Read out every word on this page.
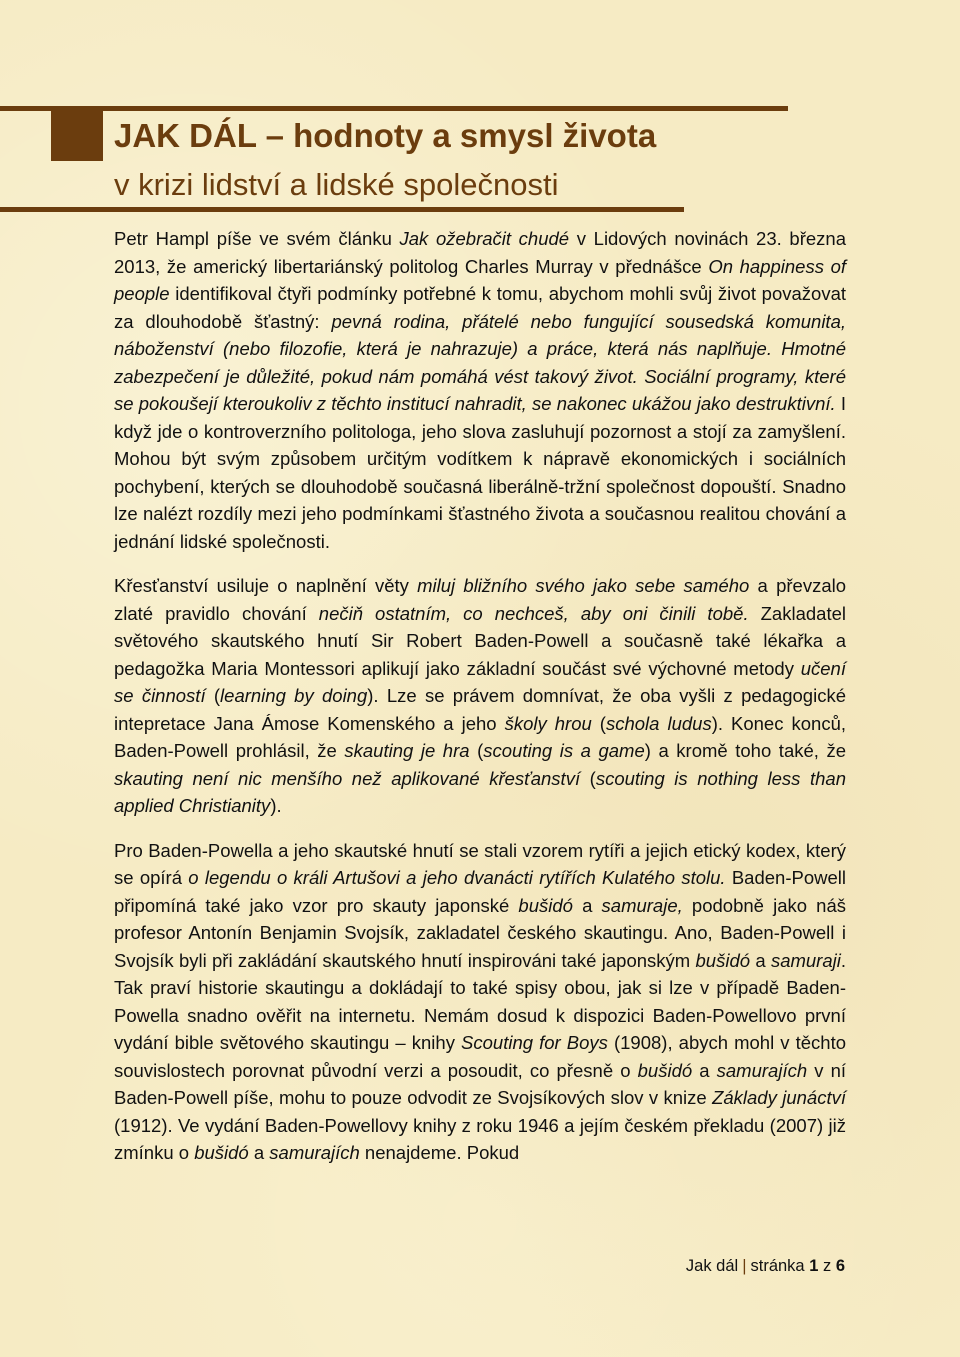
JAK DÁL – hodnoty a smysl života
v krizi lidství a lidské společnosti

Petr Hampl píše ve svém článku Jak ožebračit chudé v Lidových novinách 23. března 2013, že americký libertariánský politolog Charles Murray v přednášce On happiness of people identifikoval čtyři podmínky potřebné k tomu, abychom mohli svůj život považovat za dlouhodobě šťastný: pevná rodina, přátelé nebo fungující sousedská komunita, náboženství (nebo filozofie, která je nahrazuje) a práce, která nás naplňuje. Hmotné zabezpečení je důležité, pokud nám pomáhá vést takový život. Sociální programy, které se pokoušejí kteroukoliv z těchto institucí nahradit, se nakonec ukážou jako destruktivní. I když jde o kontroverzního politologa, jeho slova zasluhují pozornost a stojí za zamyšlení. Mohou být svým způsobem určitým vodítkem k nápravě ekonomických i sociálních pochybení, kterých se dlouhodobě současná liberálně-tržní společnost dopouští. Snadno lze nalézt rozdíly mezi jeho podmínkami šťastného života a současnou realitou chování a jednání lidské společnosti.

Křesťanství usiluje o naplnění věty miluj bližního svého jako sebe samého a převzalo zlaté pravidlo chování nečiň ostatním, co nechceš, aby oni činili tobě. Zakladatel světového skautského hnutí Sir Robert Baden-Powell a současně také lékařka a pedagožka Maria Montessori aplikují jako základní součást své výchovné metody učení se činností (learning by doing). Lze se právem domnívat, že oba vyšli z pedagogické intepretace Jana Ámose Komenského a jeho školy hrou (schola ludus). Konec konců, Baden-Powell prohlásil, že skauting je hra (scouting is a game) a kromě toho také, že skauting není nic menšího než aplikované křesťanství (scouting is nothing less than applied Christianity).

Pro Baden-Powella a jeho skautské hnutí se stali vzorem rytíři a jejich etický kodex, který se opírá o legendu o králi Artušovi a jeho dvanácti rytířích Kulatého stolu. Baden-Powell připomíná také jako vzor pro skauty japonské bušidó a samuraje, podobně jako náš profesor Antonín Benjamin Svojsík, zakladatel českého skautingu. Ano, Baden-Powell i Svojsík byli při zakládání skautského hnutí inspirováni také japonským bušidó a samuraji. Tak praví historie skautingu a dokládají to také spisy obou, jak si lze v případě Baden-Powella snadno ověřit na internetu. Nemám dosud k dispozici Baden-Powellovo první vydání bible světového skautingu – knihy Scouting for Boys (1908), abych mohl v těchto souvislostech porovnat původní verzi a posoudit, co přesně o bušidó a samurajích v ní Baden-Powell píše, mohu to pouze odvodit ze Svojsíkových slov v knize Základy junáctví (1912). Ve vydání Baden-Powellovy knihy z roku 1946 a jejím českém překladu (2007) již zmínku o bušidó a samurajích nenajdeme. Pokud

Jak dál | stránka 1 z 6
